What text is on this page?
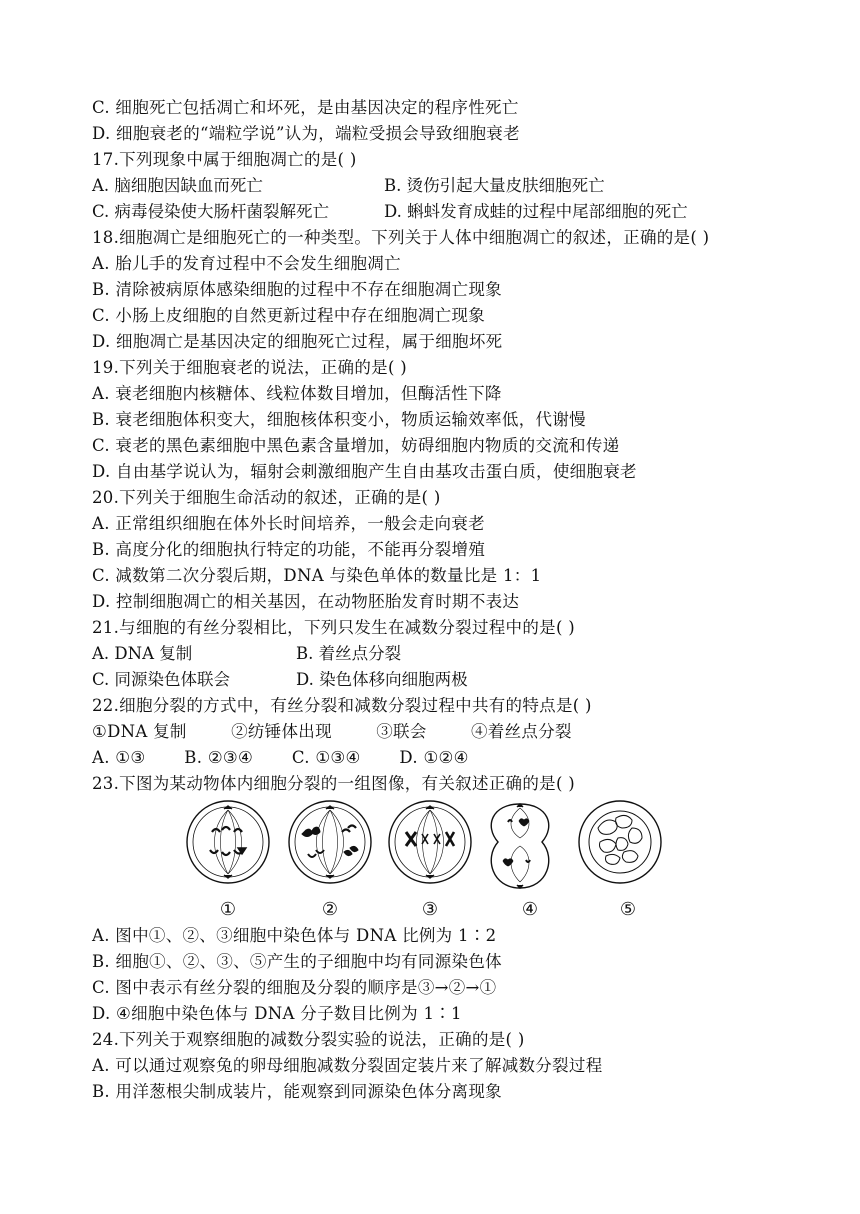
C. 细胞死亡包括凋亡和坏死，是由基因决定的程序性死亡
D. 细胞衰老的“端粒学说”认为，端粒受损会导致细胞衰老
17.下列现象中属于细胞凋亡的是( )
A. 脑细胞因缺血而死亡	B. 烫伤引起大量皮肤细胞死亡
C. 病毒侵染使大肠杆菌裂解死亡	D. 蝌蚪发育成蛙的过程中尾部细胞的死亡
18.细胞凋亡是细胞死亡的一种类型。下列关于人体中细胞凋亡的叙述，正确的是( )
A. 胎儿手的发育过程中不会发生细胞凋亡
B. 清除被病原体感染细胞的过程中不存在细胞凋亡现象
C. 小肠上皮细胞的自然更新过程中存在细胞凋亡现象
D. 细胞凋亡是基因决定的细胞死亡过程，属于细胞坏死
19.下列关于细胞衰老的说法，正确的是( )
A. 衰老细胞内核糖体、线粒体数目增加，但酶活性下降
B. 衰老细胞体积变大，细胞核体积变小，物质运输效率低，代谢慢
C. 衰老的黑色素细胞中黑色素含量增加，妨碍细胞内物质的交流和传递
D. 自由基学说认为，辐射会刺激细胞产生自由基攻击蛋白质，使细胞衰老
20.下列关于细胞生命活动的叙述，正确的是( )
A. 正常组织细胞在体外长时间培养，一般会走向衰老
B. 高度分化的细胞执行特定的功能，不能再分裂增殖
C. 减数第二次分裂后期，DNA 与染色单体的数量比是 1：1
D. 控制细胞凋亡的相关基因，在动物胚胎发育时期不表达
21.与细胞的有丝分裂相比，下列只发生在减数分裂过程中的是( )
A. DNA 复制	B. 着丝点分裂
C. 同源染色体联会	D. 染色体移向细胞两极
22.细胞分裂的方式中，有丝分裂和减数分裂过程中共有的特点是( )
①DNA 复制        ②纺锤体出现        ③联会        ④着丝点分裂
A. ①③       B. ②③④       C. ①③④       D. ①②④
23.下图为某动物体内细胞分裂的一组图像，有关叙述正确的是( )
①	②	③	④	⑤
A. 图中①、②、③细胞中染色体与 DNA 比例为 1∶2
B. 细胞①、②、③、⑤产生的子细胞中均有同源染色体
C. 图中表示有丝分裂的细胞及分裂的顺序是③→②→①
D. ④细胞中染色体与 DNA 分子数目比例为 1∶1
24.下列关于观察细胞的减数分裂实验的说法，正确的是( )
A. 可以通过观察兔的卵母细胞减数分裂固定装片来了解减数分裂过程
B. 用洋葱根尖制成装片，能观察到同源染色体分离现象
